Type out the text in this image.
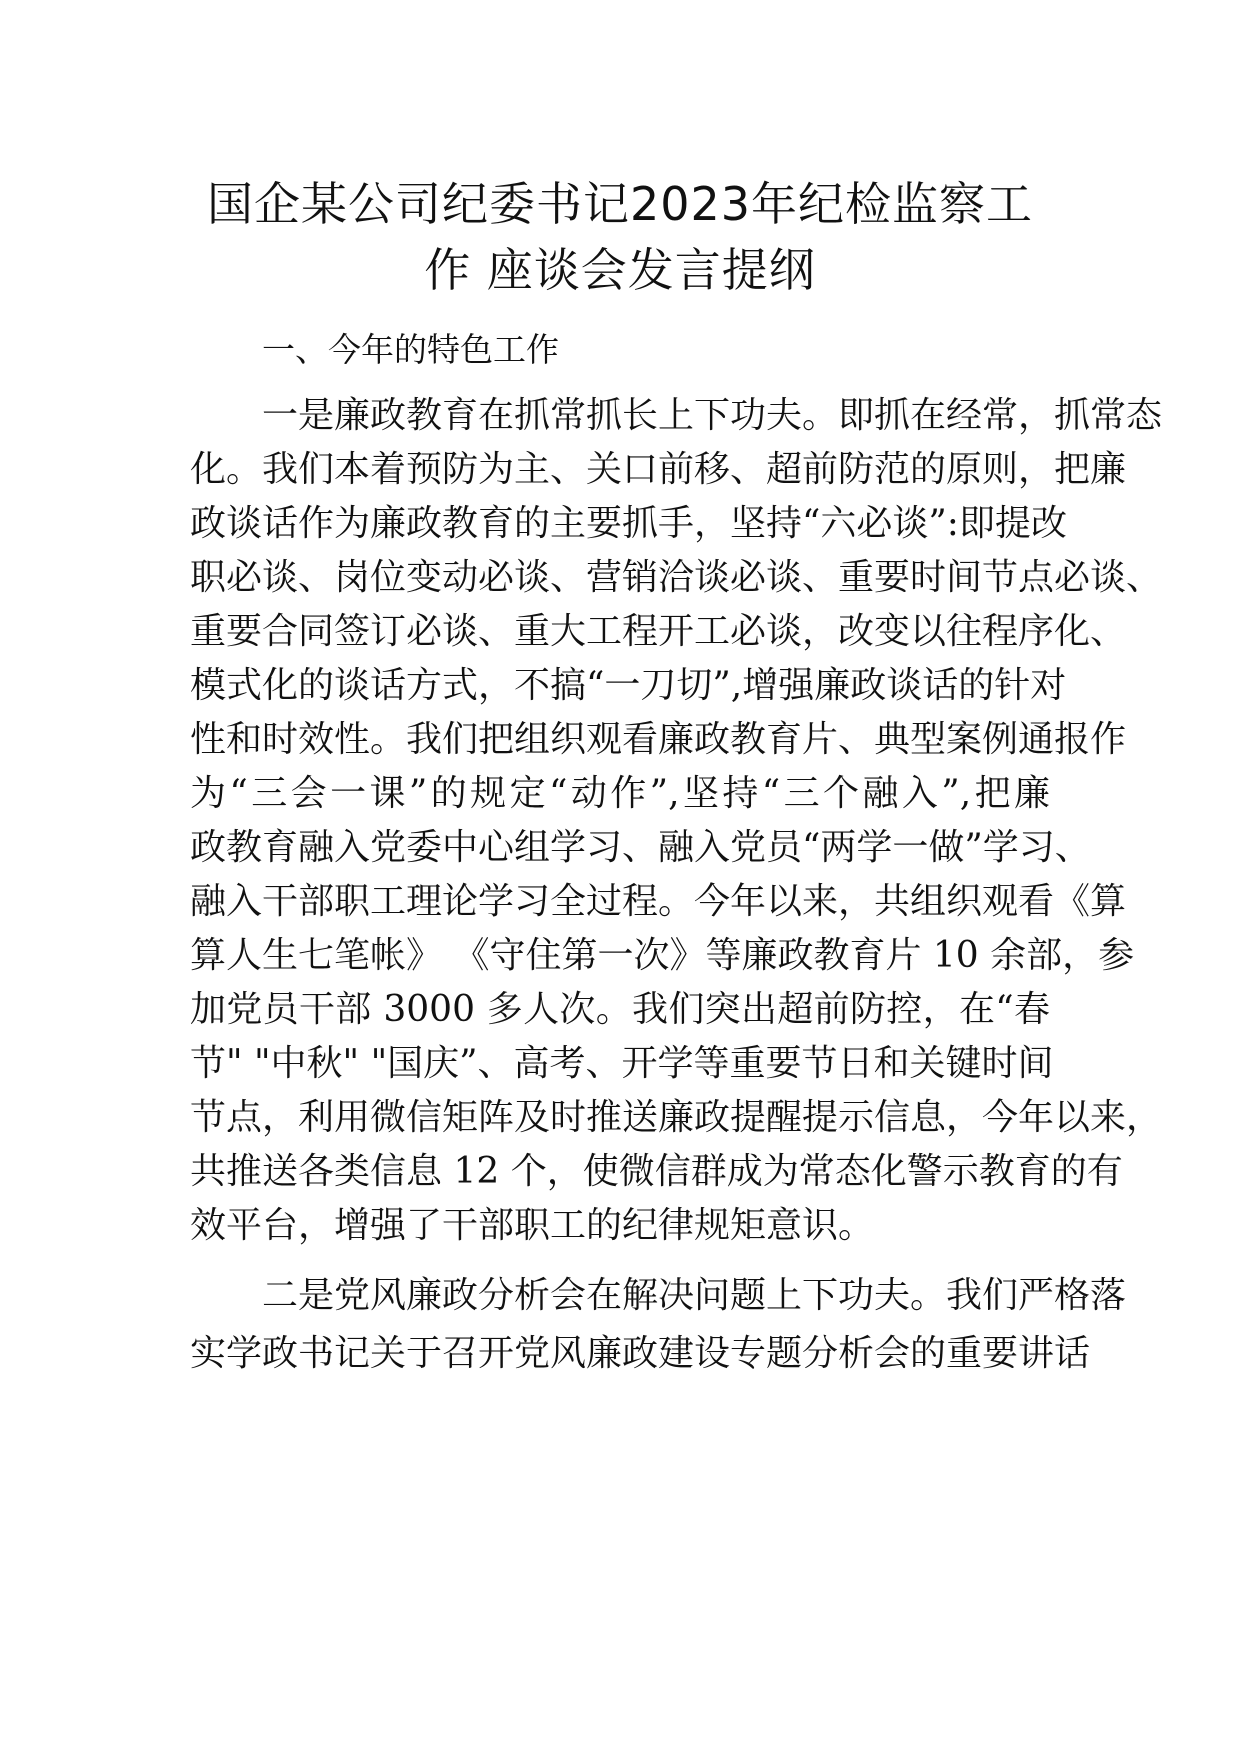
国企某公司纪委书记2023年纪检监察工
作 座谈会发言提纲
一、今年的特色工作
一是廉政教育在抓常抓长上下功夫。即抓在经常，抓常态
化。我们本着预防为主、关口前移、超前防范的原则，把廉
政谈话作为廉政教育的主要抓手，坚持“六必谈”:即提改
职必谈、岗位变动必谈、营销洽谈必谈、重要时间节点必谈、
重要合同签订必谈、重大工程开工必谈，改变以往程序化、
模式化的谈话方式，不搞“一刀切”,增强廉政谈话的针对
性和时效性。我们把组织观看廉政教育片、典型案例通报作
为“三会一课”的规定“动作”,坚持“三个融入”,把廉
政教育融入党委中心组学习、融入党员“两学一做”学习、
融入干部职工理论学习全过程。今年以来，共组织观看《算
算人生七笔帐》 《守住第一次》等廉政教育片 10 余部，参
加党员干部 3000 多人次。我们突出超前防控，在“春
节" "中秋" "国庆”、高考、开学等重要节日和关键时间
节点，利用微信矩阵及时推送廉政提醒提示信息，今年以来，
共推送各类信息 12 个，使微信群成为常态化警示教育的有
效平台，增强了干部职工的纪律规矩意识。
二是党风廉政分析会在解决问题上下功夫。我们严格落
实学政书记关于召开党风廉政建设专题分析会的重要讲话
